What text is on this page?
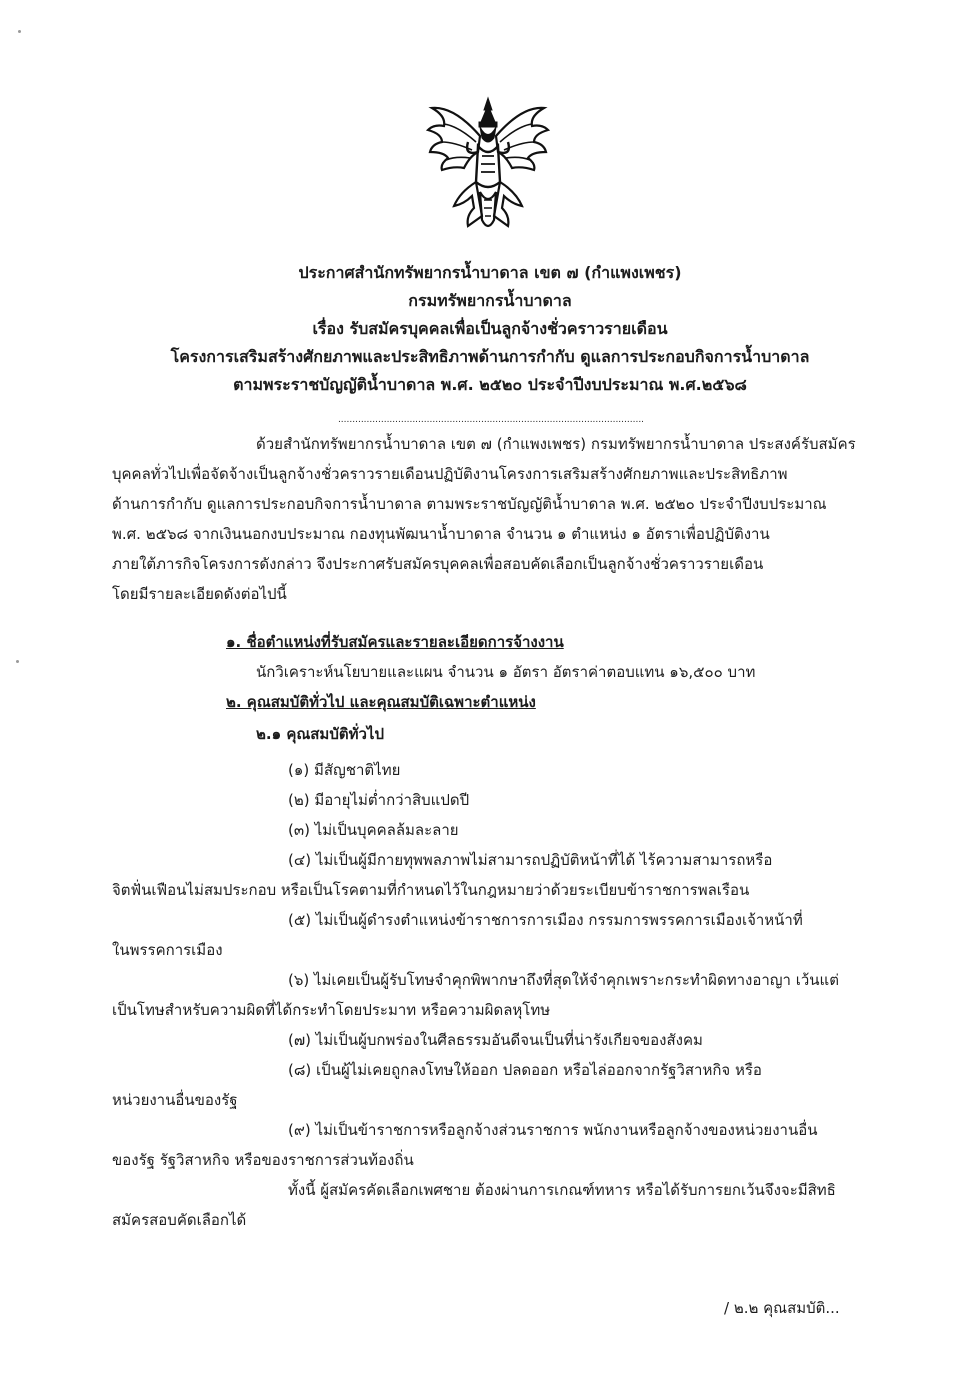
ประกาศสำนักทรัพยากรน้ำบาดาล เขต ๗ (กำแพงเพชร)
กรมทรัพยากรน้ำบาดาล
เรื่อง รับสมัครบุคคลเพื่อเป็นลูกจ้างชั่วคราวรายเดือน
โครงการเสริมสร้างศักยภาพและประสิทธิภาพด้านการกำกับ ดูแลการประกอบกิจการน้ำบาดาล
ตามพระราชบัญญัติน้ำบาดาล พ.ศ. ๒๕๒๐ ประจำปีงบประมาณ พ.ศ.๒๕๖๘
...........................................................................................................
ด้วยสำนักทรัพยากรน้ำบาดาล เขต ๗ (กำแพงเพชร) กรมทรัพยากรน้ำบาดาล ประสงค์รับสมัคร
บุคคลทั่วไปเพื่อจัดจ้างเป็นลูกจ้างชั่วคราวรายเดือนปฏิบัติงานโครงการเสริมสร้างศักยภาพและประสิทธิภาพ
ด้านการกำกับ ดูแลการประกอบกิจการน้ำบาดาล ตามพระราชบัญญัติน้ำบาดาล พ.ศ. ๒๕๒๐ ประจำปีงบประมาณ
พ.ศ. ๒๕๖๘ จากเงินนอกงบประมาณ กองทุนพัฒนาน้ำบาดาล จำนวน ๑ ตำแหน่ง ๑ อัตราเพื่อปฏิบัติงาน
ภายใต้ภารกิจโครงการดังกล่าว จึงประกาศรับสมัครบุคคลเพื่อสอบคัดเลือกเป็นลูกจ้างชั่วคราวรายเดือน
โดยมีรายละเอียดดังต่อไปนี้
๑. ชื่อตำแหน่งที่รับสมัครและรายละเอียดการจ้างงาน
นักวิเคราะห์นโยบายและแผน จำนวน ๑ อัตรา อัตราค่าตอบแทน ๑๖,๕๐๐ บาท
๒. คุณสมบัติทั่วไป และคุณสมบัติเฉพาะตำแหน่ง
๒.๑ คุณสมบัติทั่วไป
(๑) มีสัญชาติไทย
(๒) มีอายุไม่ต่ำกว่าสิบแปดปี
(๓) ไม่เป็นบุคคลล้มละลาย
(๔) ไม่เป็นผู้มีกายทุพพลภาพไม่สามารถปฏิบัติหน้าที่ได้ ไร้ความสามารถหรือ
จิตฟั่นเฟือนไม่สมประกอบ หรือเป็นโรคตามที่กำหนดไว้ในกฎหมายว่าด้วยระเบียบข้าราชการพลเรือน
(๕) ไม่เป็นผู้ดำรงตำแหน่งข้าราชการการเมือง กรรมการพรรคการเมืองเจ้าหน้าที่
ในพรรคการเมือง
(๖) ไม่เคยเป็นผู้รับโทษจำคุกพิพากษาถึงที่สุดให้จำคุกเพราะกระทำผิดทางอาญา เว้นแต่
เป็นโทษสำหรับความผิดที่ได้กระทำโดยประมาท หรือความผิดลหุโทษ
(๗) ไม่เป็นผู้บกพร่องในศีลธรรมอันดีจนเป็นที่น่ารังเกียจของสังคม
(๘) เป็นผู้ไม่เคยถูกลงโทษให้ออก ปลดออก หรือไล่ออกจากรัฐวิสาหกิจ หรือ
หน่วยงานอื่นของรัฐ
(๙) ไม่เป็นข้าราชการหรือลูกจ้างส่วนราชการ พนักงานหรือลูกจ้างของหน่วยงานอื่น
ของรัฐ รัฐวิสาหกิจ หรือของราชการส่วนท้องถิ่น
ทั้งนี้ ผู้สมัครคัดเลือกเพศชาย ต้องผ่านการเกณฑ์ทหาร หรือได้รับการยกเว้นจึงจะมีสิทธิ
สมัครสอบคัดเลือกได้
/ ๒.๒ คุณสมบัติ...
